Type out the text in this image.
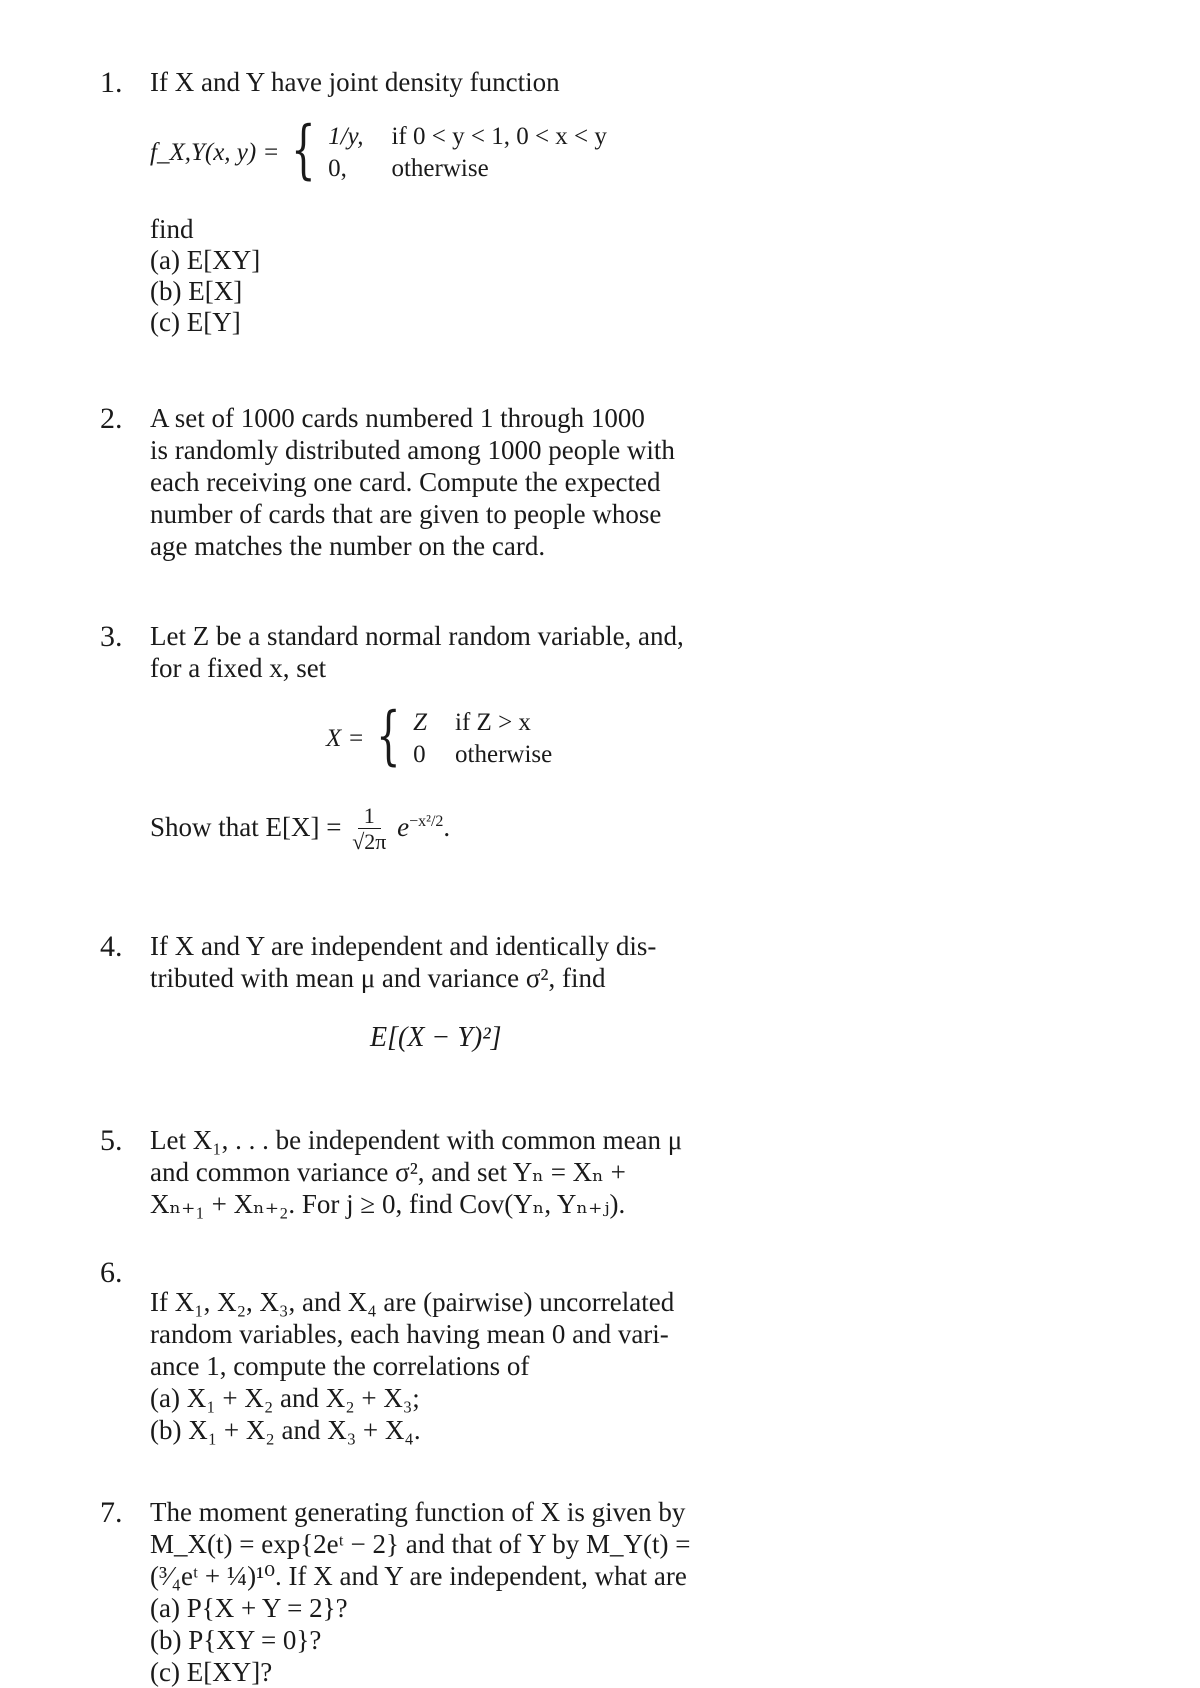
1. If X and Y have joint density function
f_X,Y(x, y) = { 1/y, if 0 < y < 1, 0 < x < y
0,	otherwise
find
(a) E[XY]
(b) E[X]
(c) E[Y]
2. A set of 1000 cards numbered 1 through 1000
is randomly distributed among 1000 people with
each receiving one card. Compute the expected
number of cards that are given to people whose
age matches the number on the card.
3. Let Z be a standard normal random variable, and,
for a fixed x, set
X = { Z if Z > x
0 otherwise
Show that $E[X] = \frac{1}{√2\pi} e^{-x^2/2}$.
4. If X and Y are independent and identically dis-
tributed with mean μ and variance σ², find
E[(X − Y)²]
5. Let X₁, . . . be independent with common mean μ
and common variance σ², and set Yₙ = Xₙ +
Xₙ₊₁ + Xₙ₊₂. For j ≥ 0, find Cov(Yₙ, Yₙ₊ⱼ).
6.
If X₁, X₂, X₃, and X₄ are (pairwise) uncorrelated
random variables, each having mean 0 and vari-
ance 1, compute the correlations of
(a) X₁ + X₂ and X₂ + X₃;
(b) X₁ + X₂ and X₃ + X₄.
7. The moment generating function of X is given by
M_X(t) = exp{2eᵗ − 2} and that of Y by M_Y(t) =
(³⁄₄eᵗ + ¼)¹⁰. If X and Y are independent, what are
(a) P{X + Y = 2}?
(b) P{XY = 0}?
(c) E[XY]?
